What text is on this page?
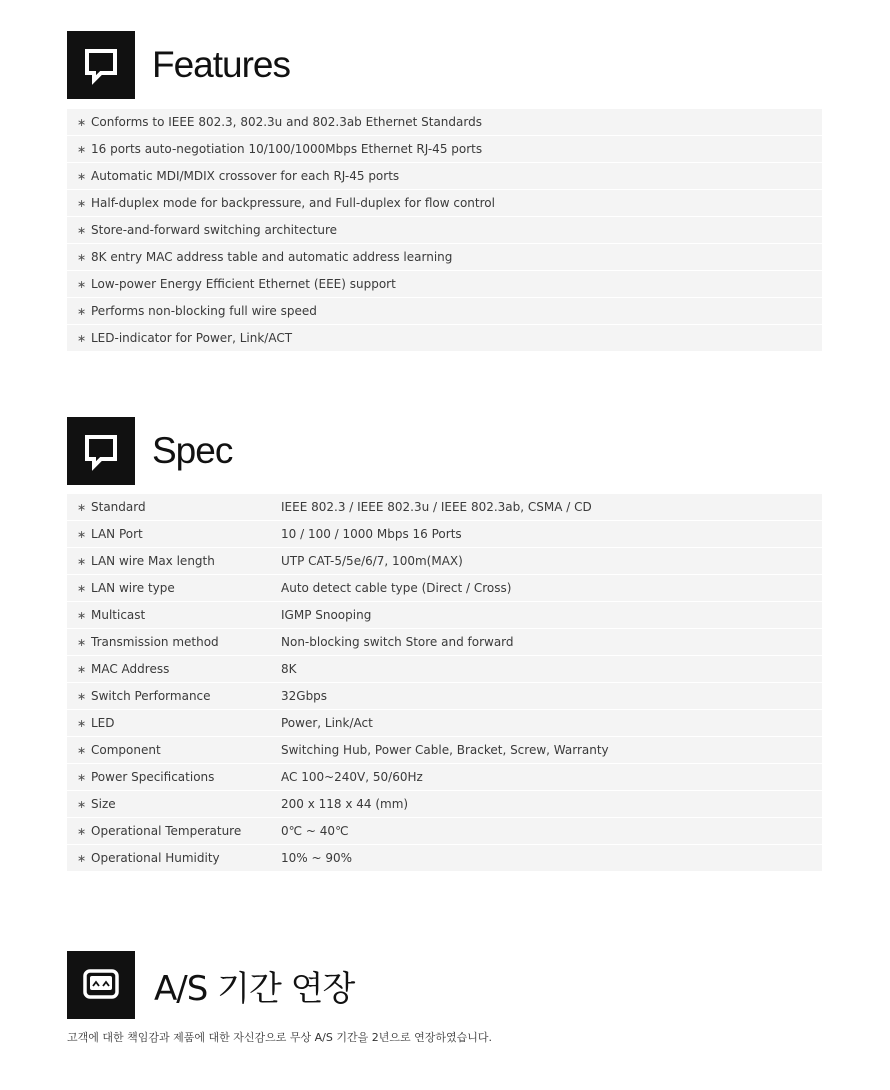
Features
∗ Conforms to IEEE 802.3, 802.3u and 802.3ab Ethernet Standards
∗ 16 ports auto-negotiation 10/100/1000Mbps Ethernet RJ-45 ports
∗ Automatic MDI/MDIX crossover for each RJ-45 ports
∗ Half-duplex mode for backpressure, and Full-duplex for flow control
∗ Store-and-forward switching architecture
∗ 8K entry MAC address table and automatic address learning
∗ Low-power Energy Efficient Ethernet (EEE) support
∗ Performs non-blocking full wire speed
∗ LED-indicator for Power, Link/ACT
Spec
∗ Standard	IEEE 802.3 / IEEE 802.3u / IEEE 802.3ab, CSMA / CD
∗ LAN Port	10 / 100 / 1000 Mbps 16 Ports
∗ LAN wire Max length	UTP CAT-5/5e/6/7, 100m(MAX)
∗ LAN wire type	Auto detect cable type (Direct / Cross)
∗ Multicast	IGMP Snooping
∗ Transmission method	Non-blocking switch Store and forward
∗ MAC Address	8K
∗ Switch Performance	32Gbps
∗ LED	Power, Link/Act
∗ Component	Switching Hub, Power Cable, Bracket, Screw, Warranty
∗ Power Specifications	AC 100~240V, 50/60Hz
∗ Size	200 x 118 x 44 (mm)
∗ Operational Temperature	0℃ ~ 40℃
∗ Operational Humidity	10% ~ 90%
A/S 기간 연장
고객에 대한 책임감과 제품에 대한 자신감으로 무상 A/S 기간을 2년으로 연장하였습니다.
